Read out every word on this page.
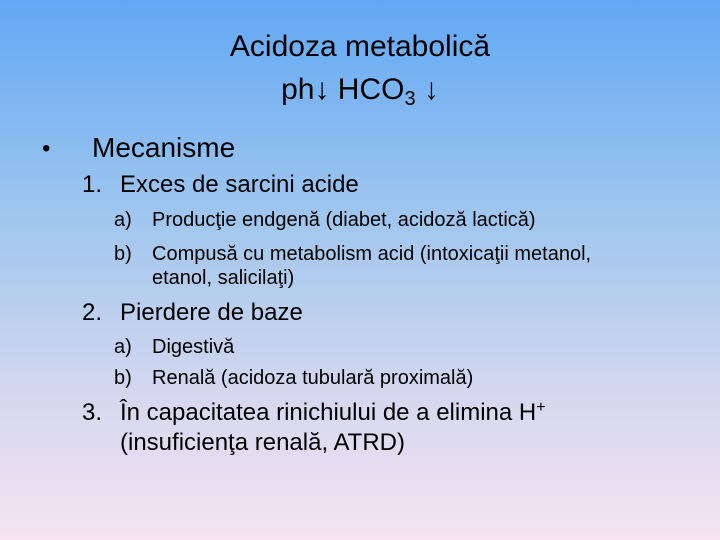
Acidoza metabolică
ph↓ $HCO_3$ ↓
• Mecanisme
1. Exces de sarcini acide
a) Producţie endgenă (diabet, acidoză lactică)
b) Compusă cu metabolism acid (intoxicaţii metanol,
etanol, salicilaţi)
2. Pierdere de baze
a) Digestivă
b) Renală (acidoza tubulară proximală)
3. În capacitatea rinichiului de a elimina H+
(insuficienţa renală, ATRD)
